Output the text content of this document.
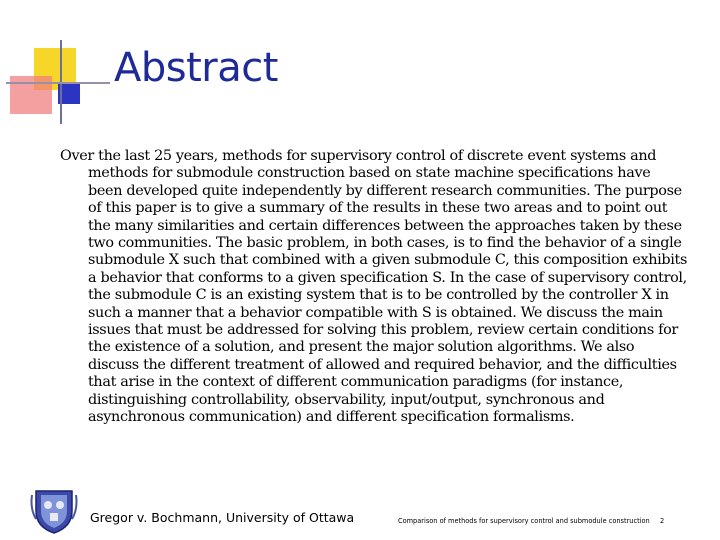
Abstract
Over the last 25 years, methods for supervisory control of discrete event systems and methods for submodule construction based on state machine specifications have been developed quite independently by different research communities. The purpose of this paper is to give a summary of the results in these two areas and to point out the many similarities and certain differences between the approaches taken by these two communities. The basic problem, in both cases, is to find the behavior of a single submodule X such that combined with a given submodule C, this composition exhibits a behavior that conforms to a given specification S. In the case of supervisory control, the submodule C is an existing system that is to be controlled by the controller X in such a manner that a behavior compatible with S is obtained. We discuss the main issues that must be addressed for solving this problem, review certain conditions for the existence of a solution, and present the major solution algorithms. We also discuss the different treatment of allowed and required behavior, and the difficulties that arise in the context of different communication paradigms (for instance, distinguishing controllability, observability, input/output, synchronous and asynchronous communication) and different specification formalisms.
Gregor v. Bochmann, University of Ottawa	Comparison of methods for supervisory control and submodule construction 2
